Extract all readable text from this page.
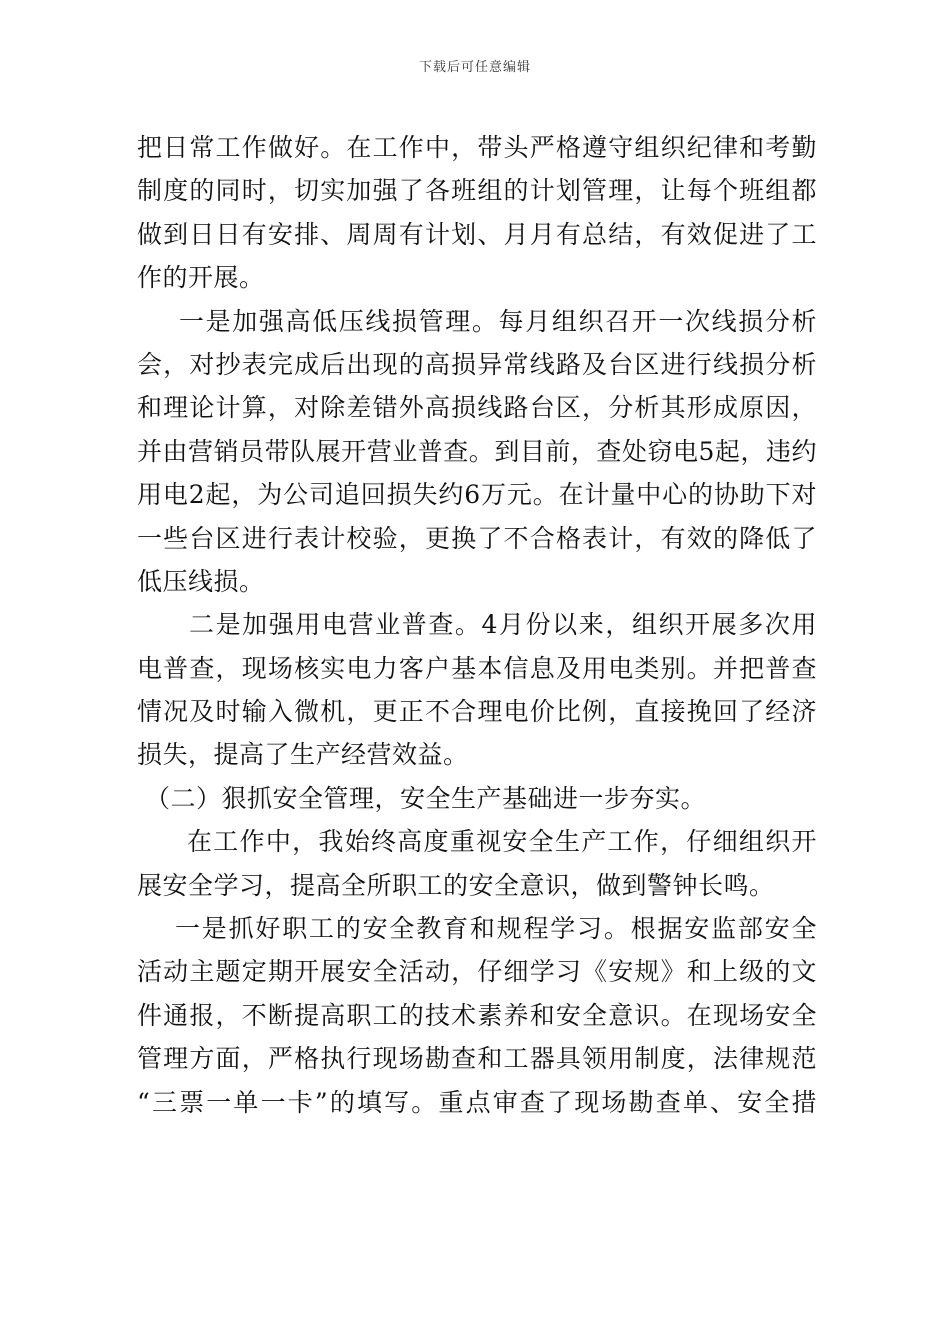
下载后可任意编辑
把日常工作做好。在工作中，带头严格遵守组织纪律和考勤
制度的同时，切实加强了各班组的计划管理，让每个班组都
做到日日有安排、周周有计划、月月有总结，有效促进了工
作的开展。
一是加强高低压线损管理。每月组织召开一次线损分析
会，对抄表完成后出现的高损异常线路及台区进行线损分析
和理论计算，对除差错外高损线路台区，分析其形成原因，
并由营销员带队展开营业普查。到目前，查处窃电5起，违约
用电2起，为公司追回损失约6万元。在计量中心的协助下对
一些台区进行表计校验，更换了不合格表计，有效的降低了
低压线损。
二是加强用电营业普查。4月份以来，组织开展多次用
电普查，现场核实电力客户基本信息及用电类别。并把普查
情况及时输入微机，更正不合理电价比例，直接挽回了经济
损失，提高了生产经营效益。
（二）狠抓安全管理，安全生产基础进一步夯实。
在工作中，我始终高度重视安全生产工作，仔细组织开
展安全学习，提高全所职工的安全意识，做到警钟长鸣。
一是抓好职工的安全教育和规程学习。根据安监部安全
活动主题定期开展安全活动，仔细学习《安规》和上级的文
件通报，不断提高职工的技术素养和安全意识。在现场安全
管理方面，严格执行现场勘查和工器具领用制度，法律规范
“三票一单一卡”的填写。重点审查了现场勘查单、安全措
